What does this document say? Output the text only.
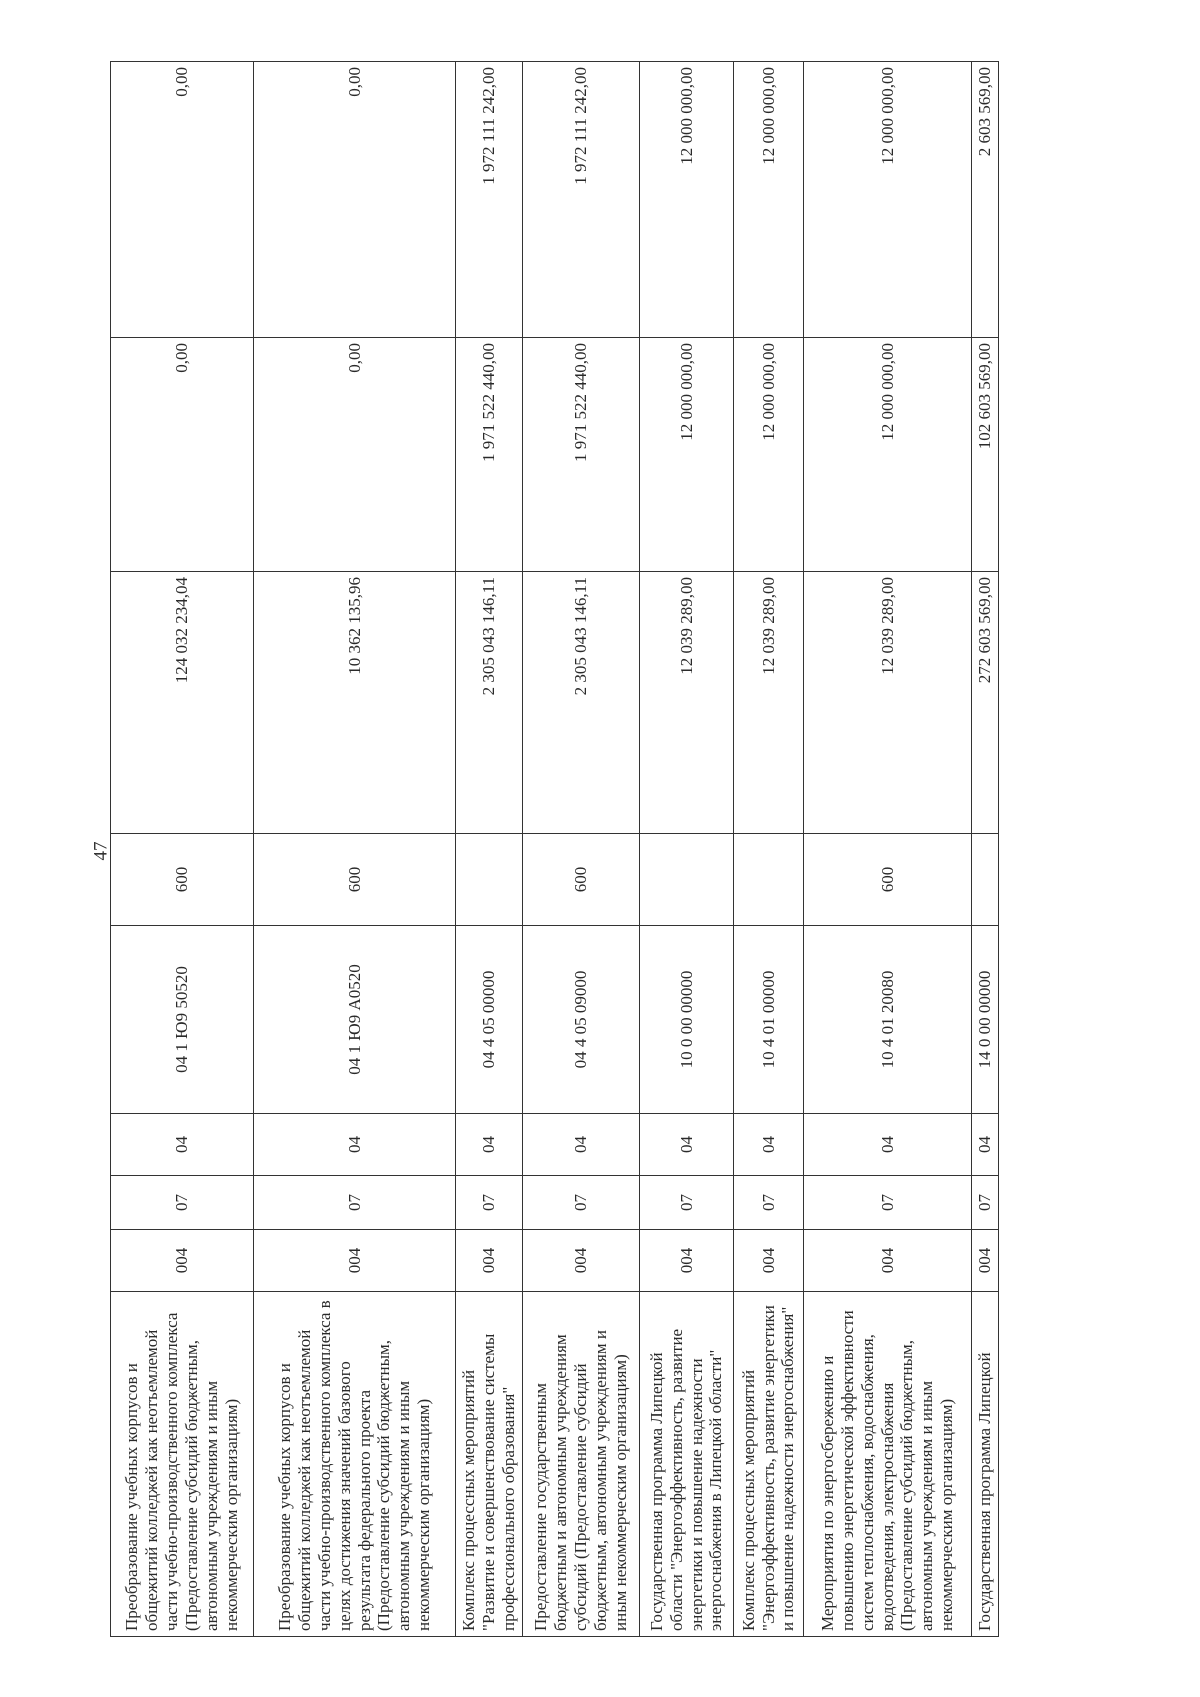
47
Преобразование учебных корпусов и общежитий колледжей как неотъемлемой части учебно-производственного комплекса (Предоставление субсидий бюджетным, автономным учреждениям и иным некоммерческим организациям)	004	07	04	04 1 Ю9 50520	600	124 032 234,04	0,00	0,00
Преобразование учебных корпусов и общежитий колледжей как неотъемлемой части учебно-производственного комплекса в целях достижения значений базового результата федерального проекта (Предоставление субсидий бюджетным, автономным учреждениям и иным некоммерческим организациям)	004	07	04	04 1 Ю9 А0520	600	10 362 135,96	0,00	0,00
Комплекс процессных мероприятий "Развитие и совершенствование системы профессионального образования"	004	07	04	04 4 05 00000		2 305 043 146,11	1 971 522 440,00	1 972 111 242,00
Предоставление государственным бюджетным и автономным учреждениям субсидий (Предоставление субсидий бюджетным, автономным учреждениям и иным некоммерческим организациям)	004	07	04	04 4 05 09000	600	2 305 043 146,11	1 971 522 440,00	1 972 111 242,00
Государственная программа Липецкой области "Энергоэффективность, развитие энергетики и повышение надежности энергоснабжения в Липецкой области"	004	07	04	10 0 00 00000		12 039 289,00	12 000 000,00	12 000 000,00
Комплекс процессных мероприятий "Энергоэффективность, развитие энергетики и повышение надежности энергоснабжения"	004	07	04	10 4 01 00000		12 039 289,00	12 000 000,00	12 000 000,00
Мероприятия по энергосбережению и повышению энергетической эффективности систем теплоснабжения, водоснабжения, водоотведения, электроснабжения (Предоставление субсидий бюджетным, автономным учреждениям и иным некоммерческим организациям)	004	07	04	10 4 01 20080	600	12 039 289,00	12 000 000,00	12 000 000,00
Государственная программа Липецкой	004	07	04	14 0 00 00000		272 603 569,00	102 603 569,00	2 603 569,00
